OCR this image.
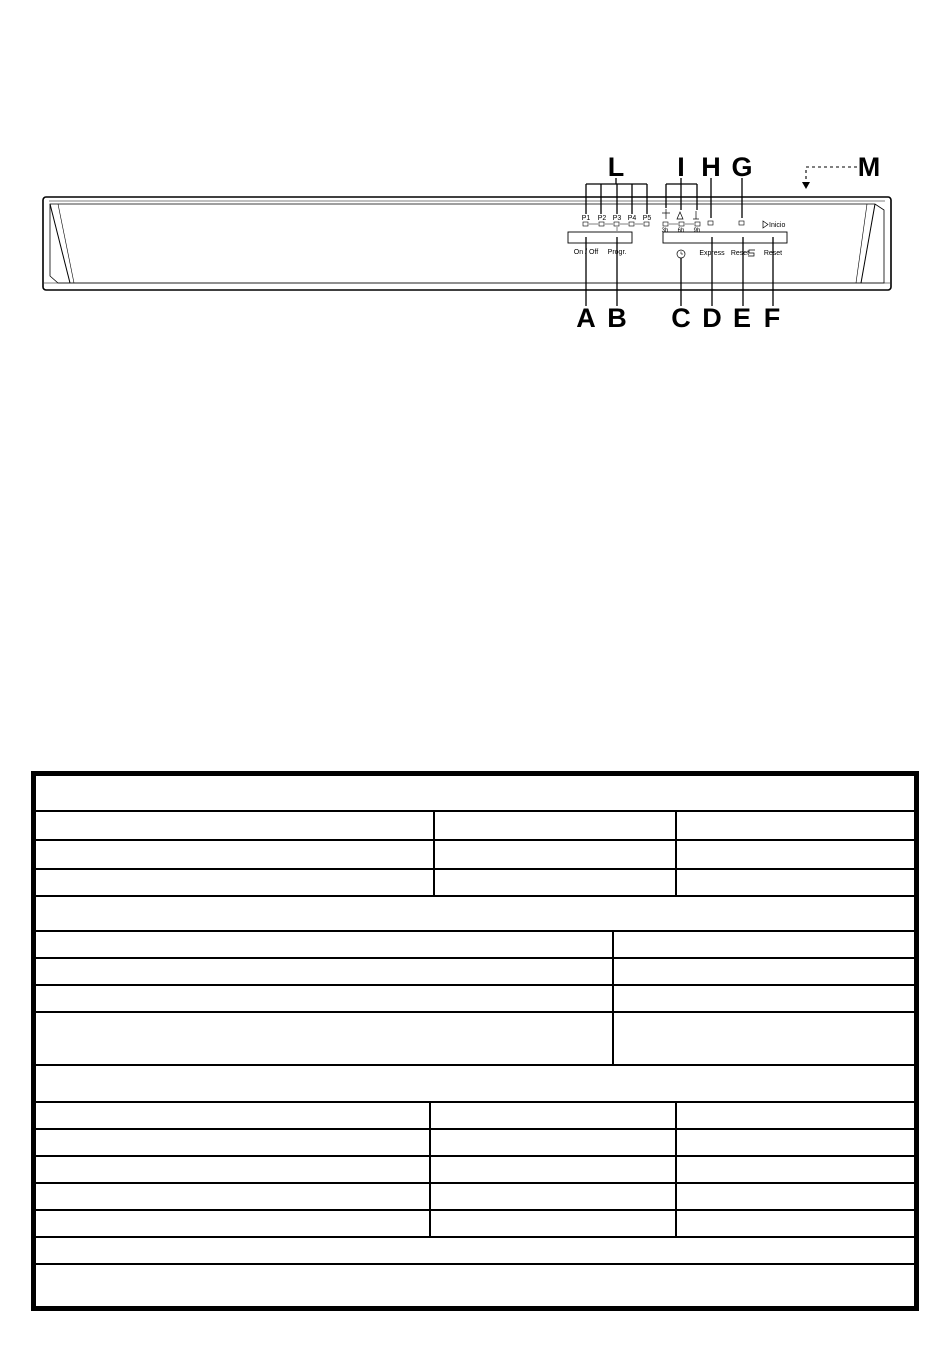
P1 P2 P3 P4 P5
3h 6h 9h
Inicio
On / Off Progr.	Express Reset Reset
L I H G	M
A B C D E F
